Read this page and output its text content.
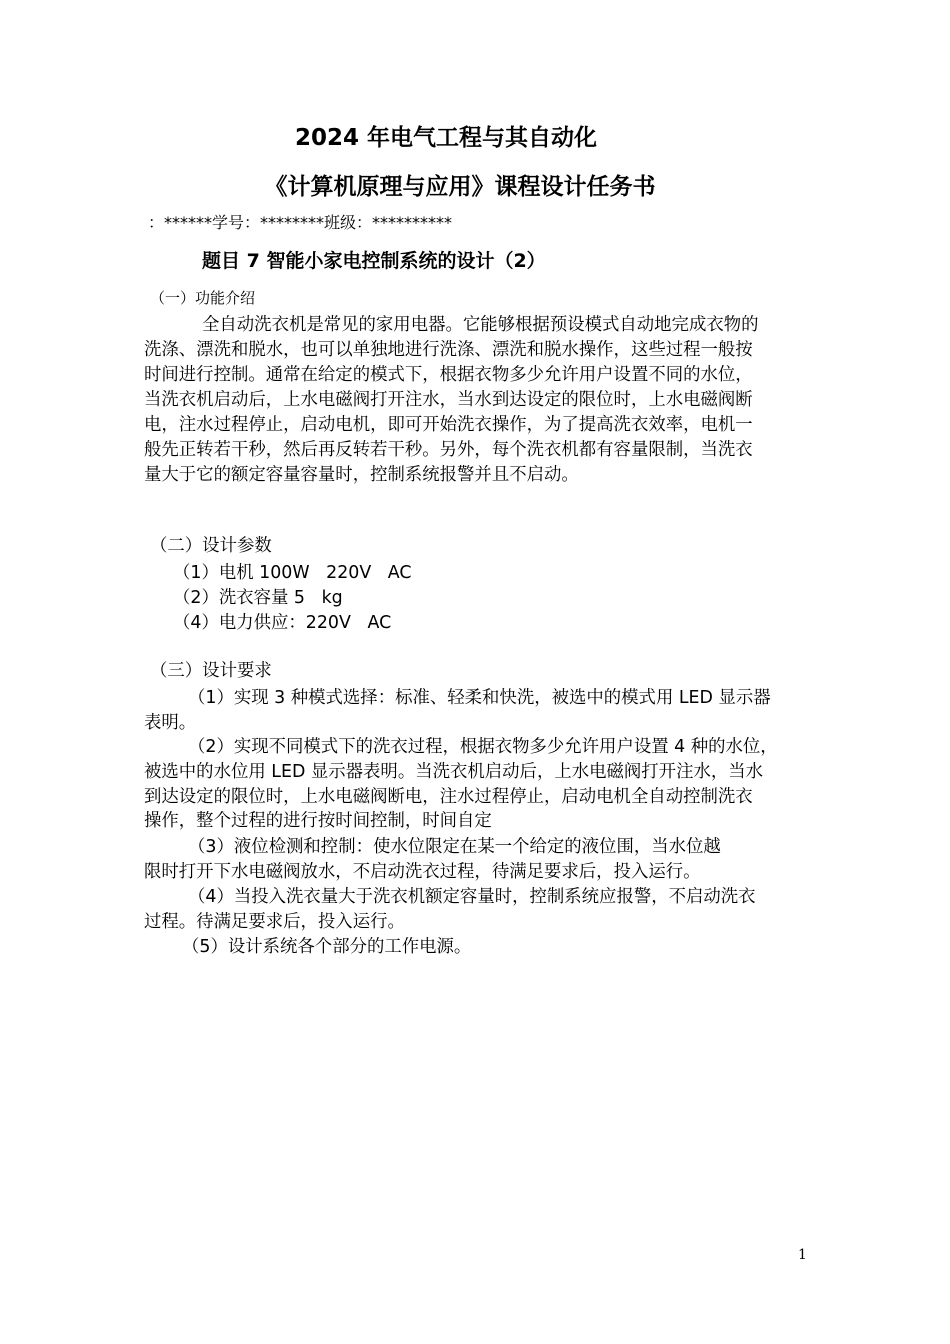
2024 年电气工程与其自动化
《计算机原理与应用》课程设计任务书
：******学号：********班级：**********
题目 7 智能小家电控制系统的设计（2）
（一）功能介绍
全自动洗衣机是常见的家用电器。它能够根据预设模式自动地完成衣物的
洗涤、漂洗和脱水，也可以单独地进行洗涤、漂洗和脱水操作，这些过程一般按
时间进行控制。通常在给定的模式下，根据衣物多少允许用户设置不同的水位，
当洗衣机启动后，上水电磁阀打开注水，当水到达设定的限位时，上水电磁阀断
电，注水过程停止，启动电机，即可开始洗衣操作，为了提高洗衣效率，电机一
般先正转若干秒，然后再反转若干秒。另外，每个洗衣机都有容量限制，当洗衣
量大于它的额定容量容量时，控制系统报警并且不启动。
（二）设计参数
（1）电机 100W   220V   AC
（2）洗衣容量 5   kg
（4）电力供应：220V   AC
（三）设计要求
（1）实现 3 种模式选择：标准、轻柔和快洗，被选中的模式用 LED 显示器
表明。
（2）实现不同模式下的洗衣过程，根据衣物多少允许用户设置 4 种的水位，
被选中的水位用 LED 显示器表明。当洗衣机启动后，上水电磁阀打开注水，当水
到达设定的限位时，上水电磁阀断电，注水过程停止，启动电机全自动控制洗衣
操作，整个过程的进行按时间控制，时间自定
（3）液位检测和控制：使水位限定在某一个给定的液位围，当水位越
限时打开下水电磁阀放水，不启动洗衣过程，待满足要求后，投入运行。
（4）当投入洗衣量大于洗衣机额定容量时，控制系统应报警，不启动洗衣
过程。待满足要求后，投入运行。
（5）设计系统各个部分的工作电源。
1
